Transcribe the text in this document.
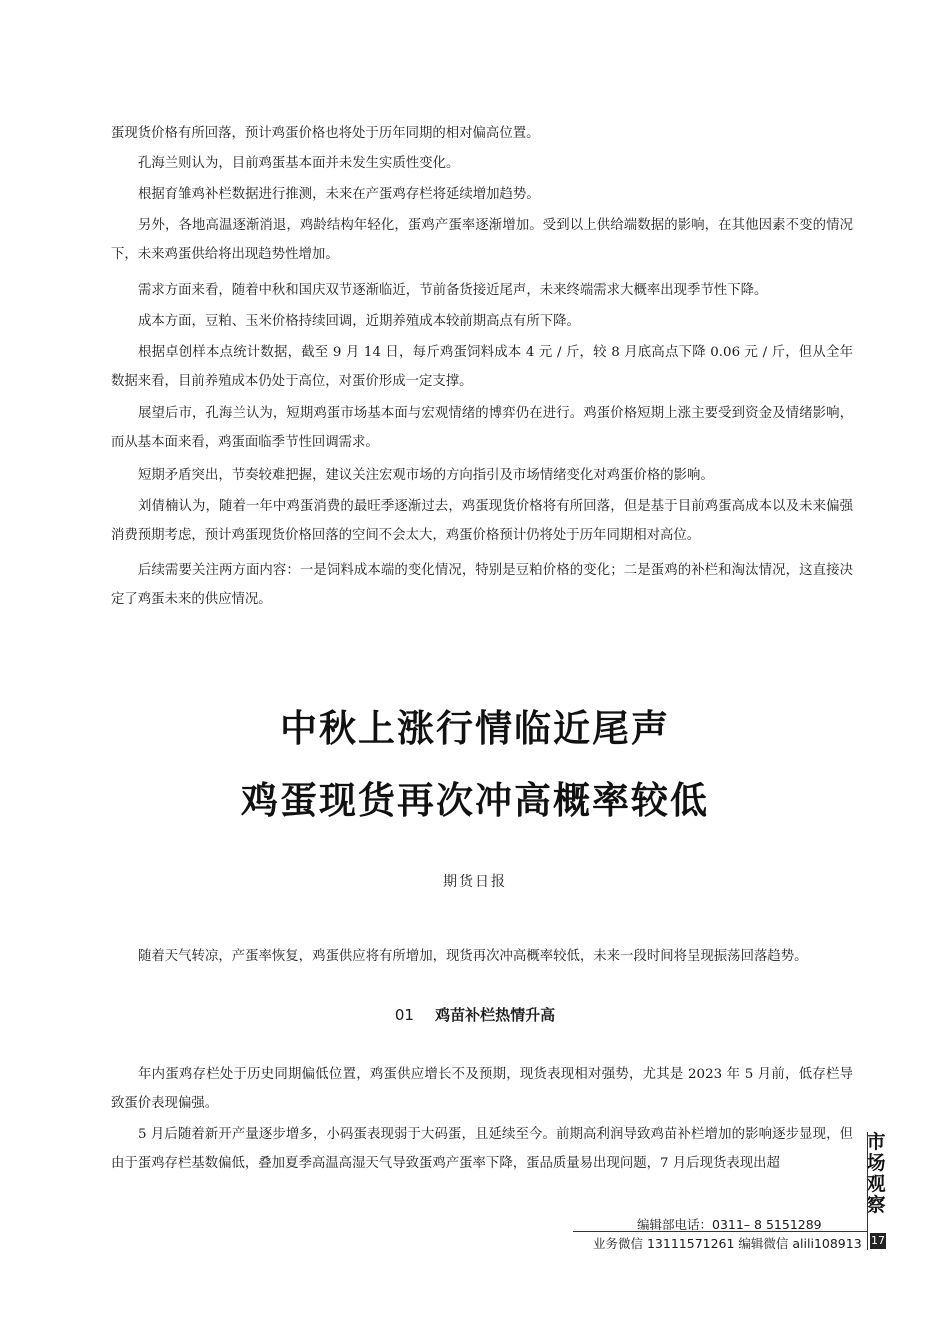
蛋现货价格有所回落，预计鸡蛋价格也将处于历年同期的相对偏高位置。

孔海兰则认为，目前鸡蛋基本面并未发生实质性变化。

根据育雏鸡补栏数据进行推测，未来在产蛋鸡存栏将延续增加趋势。

另外，各地高温逐渐消退，鸡龄结构年轻化，蛋鸡产蛋率逐渐增加。受到以上供给端数据的影响，在其他因素不变的情况下，未来鸡蛋供给将出现趋势性增加。

需求方面来看，随着中秋和国庆双节逐渐临近，节前备货接近尾声，未来终端需求大概率出现季节性下降。

成本方面，豆粕、玉米价格持续回调，近期养殖成本较前期高点有所下降。

根据卓创样本点统计数据，截至 9 月 14 日，每斤鸡蛋饲料成本 4 元 / 斤，较 8 月底高点下降 0.06 元 / 斤，但从全年数据来看，目前养殖成本仍处于高位，对蛋价形成一定支撑。

展望后市，孔海兰认为，短期鸡蛋市场基本面与宏观情绪的博弈仍在进行。鸡蛋价格短期上涨主要受到资金及情绪影响，而从基本面来看，鸡蛋面临季节性回调需求。

短期矛盾突出，节奏较难把握，建议关注宏观市场的方向指引及市场情绪变化对鸡蛋价格的影响。

刘倩楠认为，随着一年中鸡蛋消费的最旺季逐渐过去，鸡蛋现货价格将有所回落，但是基于目前鸡蛋高成本以及未来偏强消费预期考虑，预计鸡蛋现货价格回落的空间不会太大，鸡蛋价格预计仍将处于历年同期相对高位。

后续需要关注两方面内容：一是饲料成本端的变化情况，特别是豆粕价格的变化；二是蛋鸡的补栏和淘汰情况，这直接决定了鸡蛋未来的供应情况。

中秋上涨行情临近尾声
鸡蛋现货再次冲高概率较低
期货日报

随着天气转凉，产蛋率恢复，鸡蛋供应将有所增加，现货再次冲高概率较低，未来一段时间将呈现振荡回落趋势。

01 鸡苗补栏热情升高

年内蛋鸡存栏处于历史同期偏低位置，鸡蛋供应增长不及预期，现货表现相对强势，尤其是 2023 年 5 月前，低存栏导致蛋价表现偏强。

5 月后随着新开产量逐步增多，小码蛋表现弱于大码蛋，且延续至今。前期高利润导致鸡苗补栏增加的影响逐步显现，但由于蛋鸡存栏基数偏低，叠加夏季高温高湿天气导致蛋鸡产蛋率下降，蛋品质量易出现问题，7 月后现货表现出超

市
场
观
察
编辑部电话：0311– 8 5151289
业务微信 13111571261 编辑微信 alili108913 17
